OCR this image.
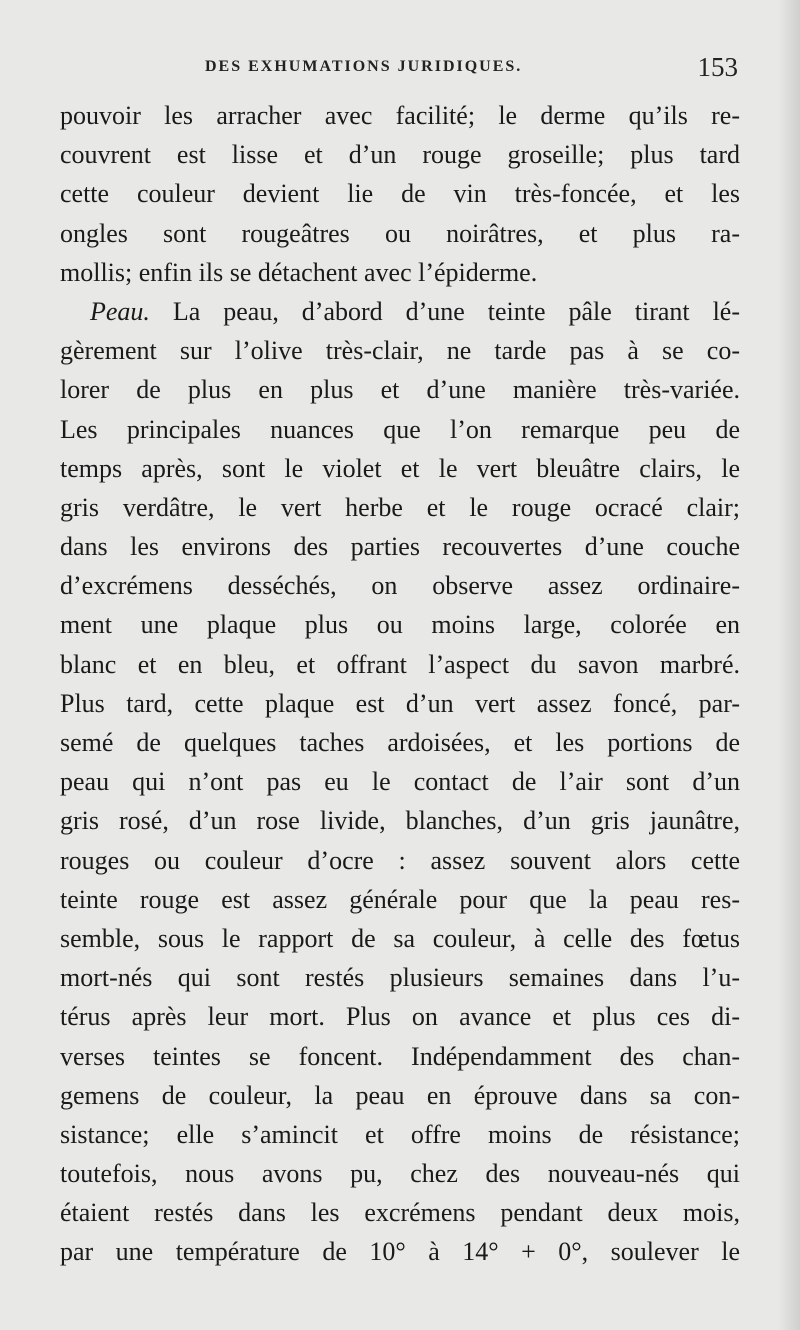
DES EXHUMATIONS JURIDIQUES.	153
pouvoir les arracher avec facilité; le derme qu’ils re-
couvrent est lisse et d’un rouge groseille; plus tard
cette couleur devient lie de vin très-foncée, et les
ongles sont rougeâtres ou noirâtres, et plus ra-
mollis; enfin ils se détachent avec l’épiderme.
Peau. La peau, d’abord d’une teinte pâle tirant lé-
gèrement sur l’olive très-clair, ne tarde pas à se co-
lorer de plus en plus et d’une manière très-variée.
Les principales nuances que l’on remarque peu de
temps après, sont le violet et le vert bleuâtre clairs, le
gris verdâtre, le vert herbe et le rouge ocracé clair;
dans les environs des parties recouvertes d’une couche
d’excrémens desséchés, on observe assez ordinaire-
ment une plaque plus ou moins large, colorée en
blanc et en bleu, et offrant l’aspect du savon marbré.
Plus tard, cette plaque est d’un vert assez foncé, par-
semé de quelques taches ardoisées, et les portions de
peau qui n’ont pas eu le contact de l’air sont d’un
gris rosé, d’un rose livide, blanches, d’un gris jaunâtre,
rouges ou couleur d’ocre : assez souvent alors cette
teinte rouge est assez générale pour que la peau res-
semble, sous le rapport de sa couleur, à celle des fœtus
mort-nés qui sont restés plusieurs semaines dans l’u-
térus après leur mort. Plus on avance et plus ces di-
verses teintes se foncent. Indépendamment des chan-
gemens de couleur, la peau en éprouve dans sa con-
sistance; elle s’amincit et offre moins de résistance;
toutefois, nous avons pu, chez des nouveau-nés qui
étaient restés dans les excrémens pendant deux mois,
par une température de 10° à 14° + 0°, soulever le
